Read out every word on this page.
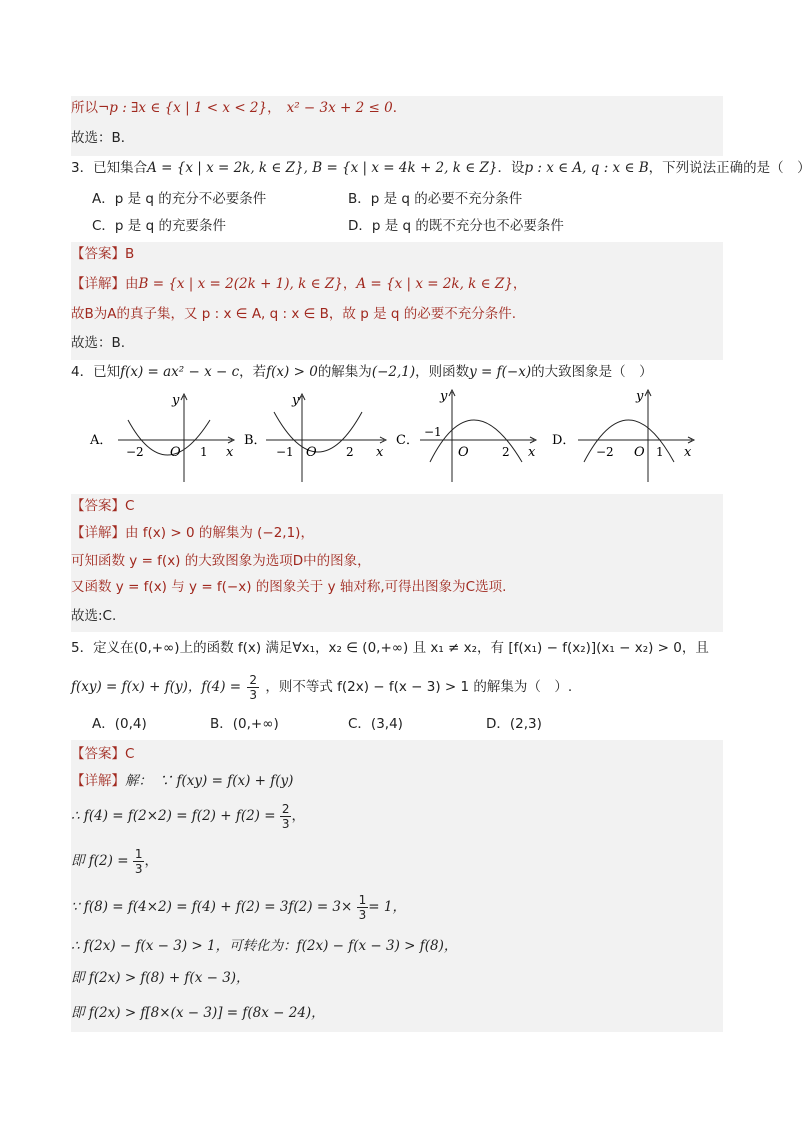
所以¬p : ∃x ∈ {x | 1 < x < 2}， x² − 3x + 2 ≤ 0．
故选：B．
3．已知集合A = {x | x = 2k, k ∈ Z}, B = {x | x = 4k + 2, k ∈ Z}．设p : x ∈ A, q : x ∈ B，下列说法正确的是（　）
A．p 是 q 的充分不必要条件	B．p 是 q 的必要不充分条件
C．p 是 q 的充要条件	D．p 是 q 的既不充分也不必要条件
【答案】B
【详解】由B = {x | x = 2(2k + 1), k ∈ Z}，A = {x | x = 2k, k ∈ Z}，
故B为A的真子集，又 p : x ∈ A, q : x ∈ B，故 p 是 q 的必要不充分条件.
故选：B.
4．已知f(x) = ax² − x − c，若f(x) > 0的解集为(−2,1)，则函数y = f(−x)的大致图象是（　）
A．
−2 O 1 x
y
B．
−1 O 2 x
y
C．
−1
O	2 x
y
D．
−2 O 1 x
y
【答案】C
【详解】由 f(x) > 0 的解集为 (−2,1)，
可知函数 y = f(x) 的大致图象为选项D中的图象，
又函数 y = f(x) 与 y = f(−x) 的图象关于 y 轴对称,可得出图象为C选项.
故选:C.
5．定义在(0,+∞)上的函数 f(x) 满足∀x₁，x₂ ∈ (0,+∞) 且 x₁ ≠ x₂，有 [f(x₁) − f(x₂)](x₁ − x₂) > 0，且
f(xy) = f(x) + f(y)，$f(4) = \frac{2}{3}$ ，则不等式 f(2x) − f(x − 3) > 1 的解集为（　）.
A．(0,4)	B．(0,+∞)	C．(3,4)	D．(2,3)
【答案】C
【详解】解：　∵ f(xy) = f(x) + f(y)
∴ $f(4) = f(2\times 2) = f(2) + f(2) = \frac{2}{3}$ ，
即 $f(2) = \frac{1}{3}$ ，
∵ $f(8) = f(4\times 2) = f(4) + f(2) = 3f(2) = 3\times \frac{1}{3} = 1$，
∴ f(2x) − f(x − 3) > 1，可转化为：f(2x) − f(x − 3) > f(8)，
即 f(2x) > f(8) + f(x − 3)，
即 f(2x) > f[8×(x − 3)] = f(8x − 24)，
